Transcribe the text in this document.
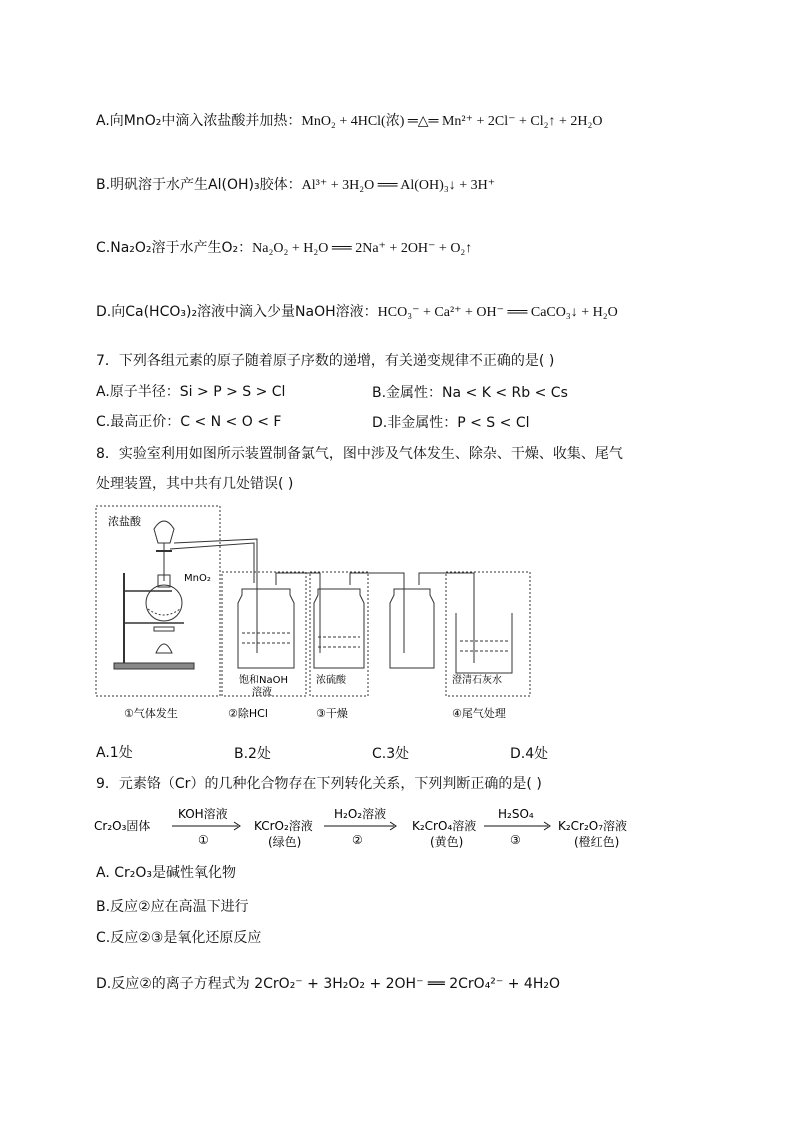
A.向MnO₂中滴入浓盐酸并加热：MnO₂ + 4HCl(浓) ═△═ Mn²⁺ + 2Cl⁻ + Cl₂↑ + 2H₂O
B.明矾溶于水产生Al(OH)₃胶体：Al³⁺ + 3H₂O ══ Al(OH)₃↓ + 3H⁺
C.Na₂O₂溶于水产生O₂：Na₂O₂ + H₂O ══ 2Na⁺ + 2OH⁻ + O₂↑
D.向Ca(HCO₃)₂溶液中滴入少量NaOH溶液：HCO₃⁻ + Ca²⁺ + OH⁻ ══ CaCO₃↓ + H₂O
7．下列各组元素的原子随着原子序数的递增，有关递变规律不正确的是( )
A.原子半径：Si > P > S > Cl	B.金属性：Na < K < Rb < Cs
C.最高正价：C < N < O < F	D.非金属性：P < S < Cl
8．实验室利用如图所示装置制备氯气，图中涉及气体发生、除杂、干燥、收集、尾气
处理装置，其中共有几处错误( )
浓盐酸
MnO₂
饱和NaOH
溶液
浓硫酸	澄清石灰水
①气体发生	②除HCl	③干燥	④尾气处理
A.1处	B.2处	C.3处	D.4处
9．元素铬（Cr）的几种化合物存在下列转化关系，下列判断正确的是( )
Cr₂O₃固体
KOH溶液
①
KCrO₂溶液
(绿色)
H₂O₂溶液
②
K₂CrO₄溶液
(黄色)
H₂SO₄
③
K₂Cr₂O₇溶液
(橙红色)
A. Cr₂O₃是碱性氧化物
B.反应②应在高温下进行
C.反应②③是氧化还原反应
D.反应②的离子方程式为 2CrO₂⁻ + 3H₂O₂ + 2OH⁻ ══ 2CrO₄²⁻ + 4H₂O
